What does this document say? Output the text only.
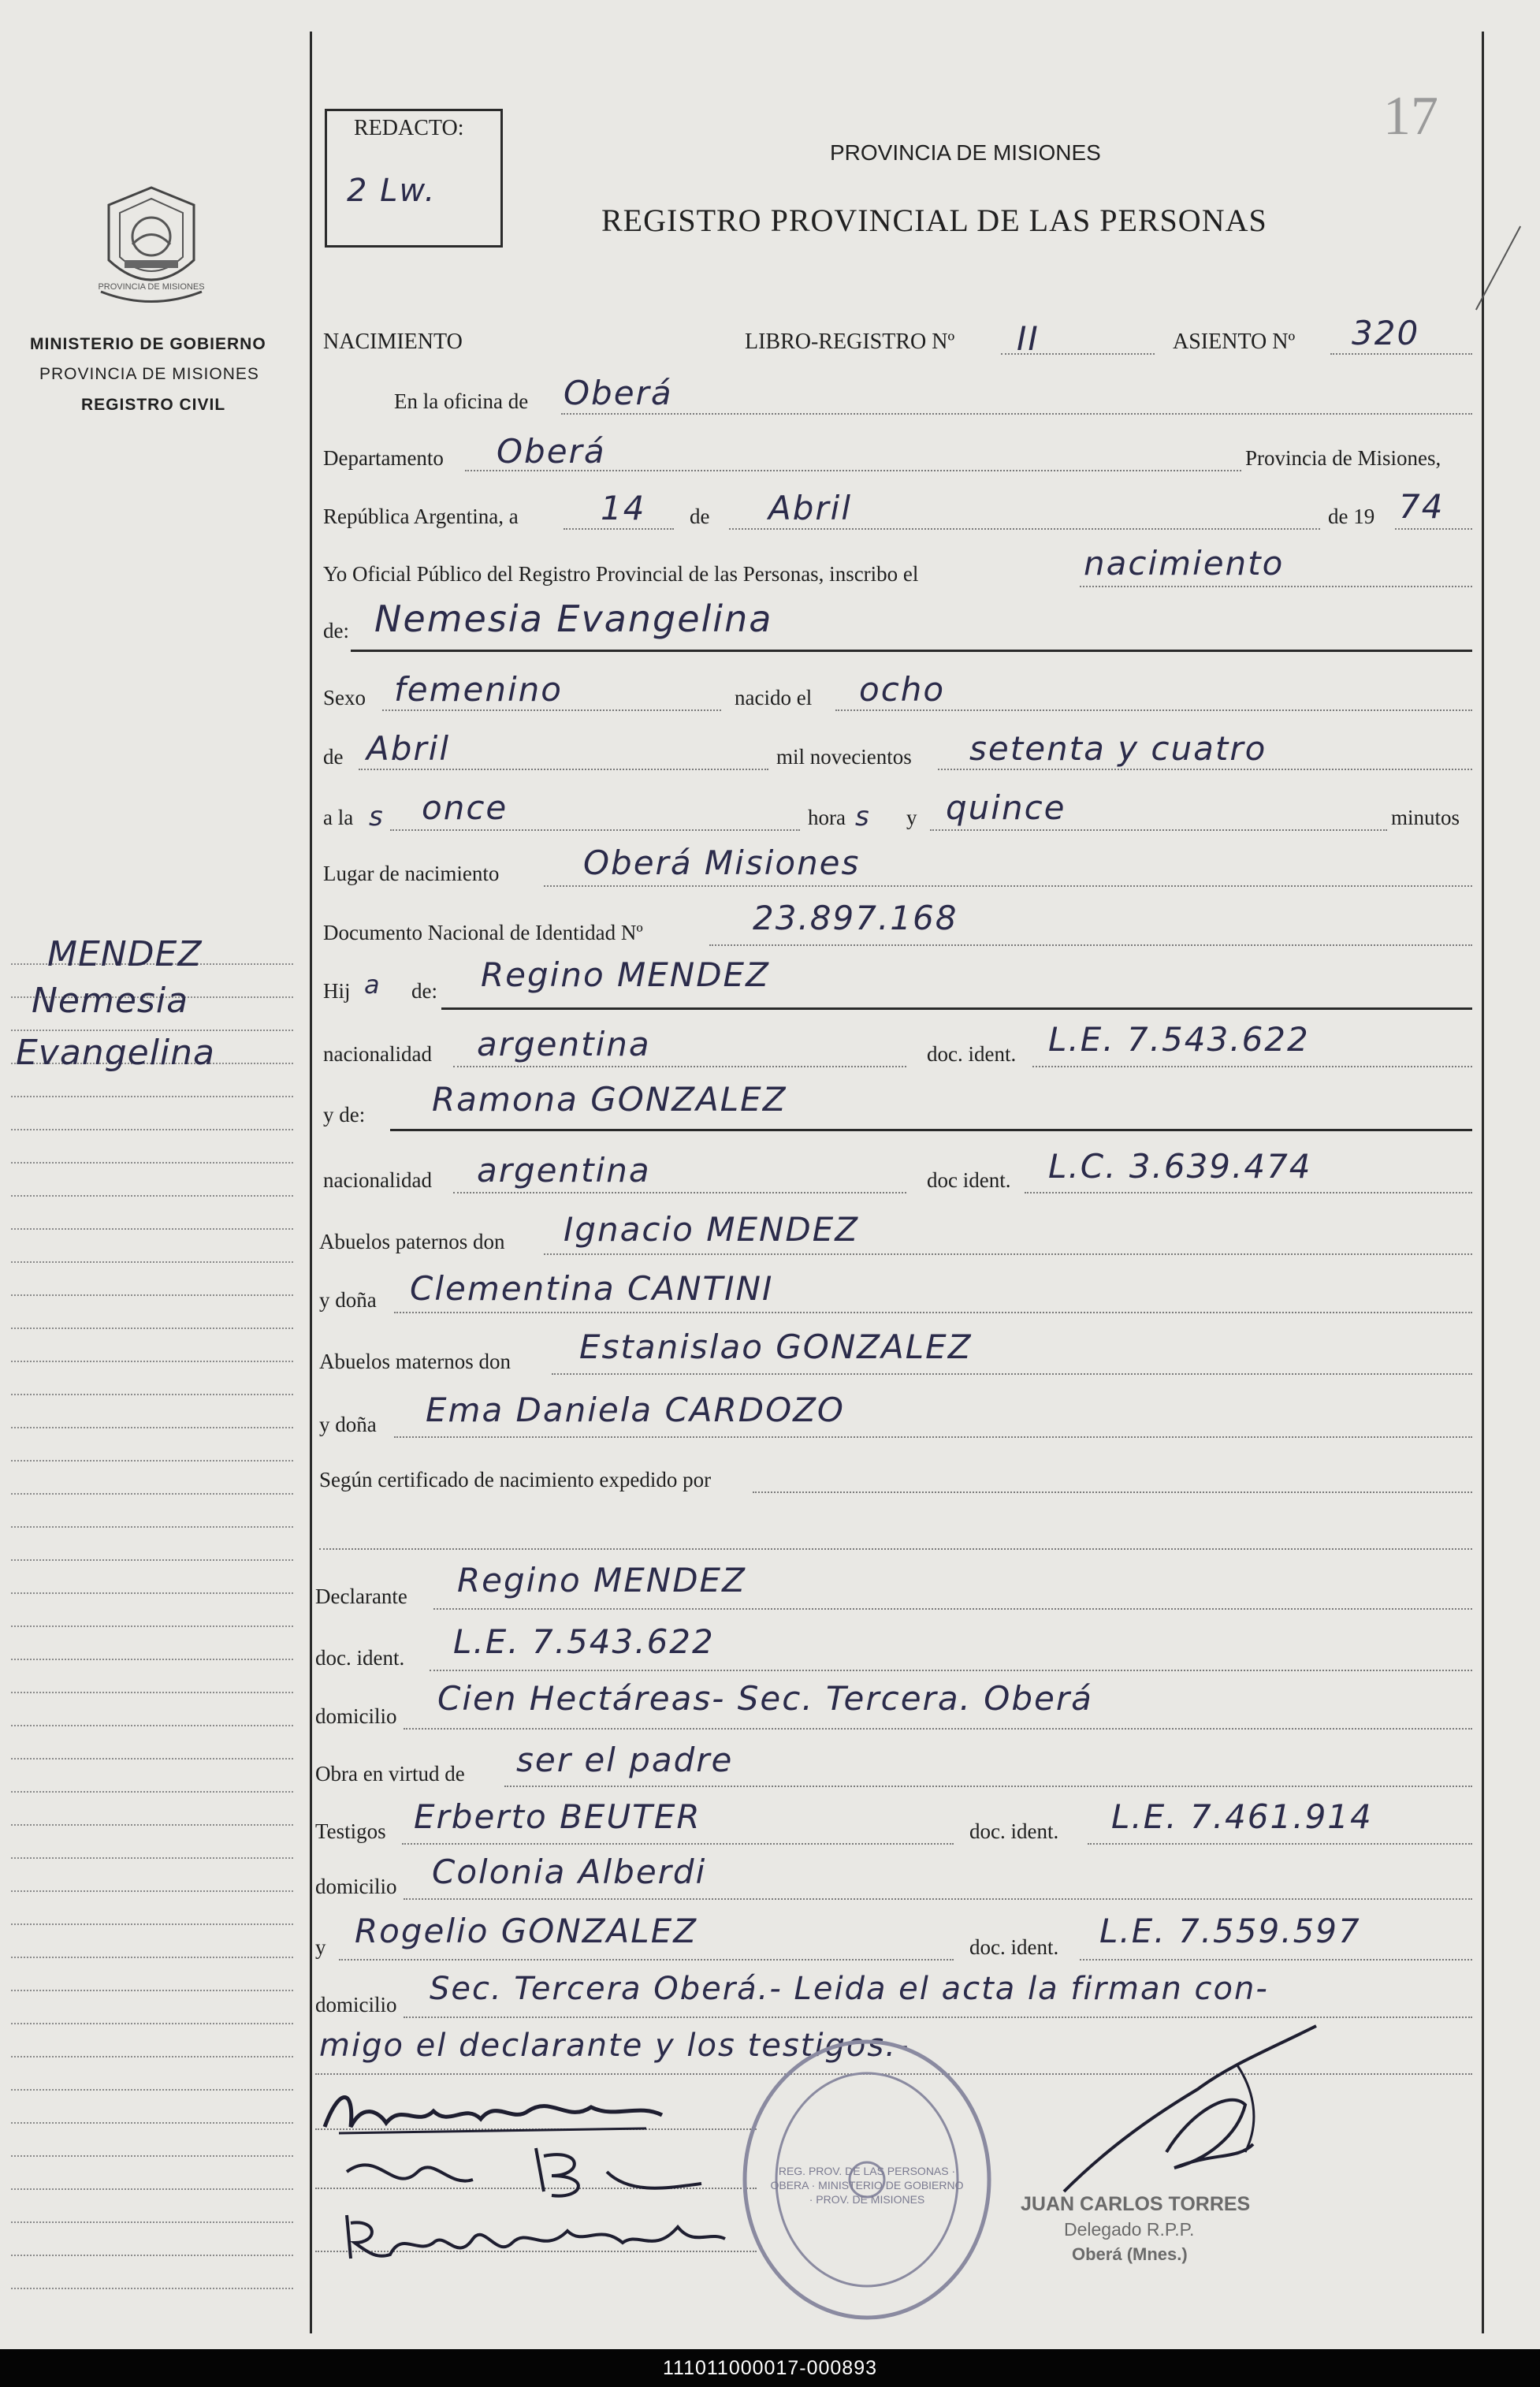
17
PROVINCIA DE MISIONES
MINISTERIO DE GOBIERNO
PROVINCIA DE MISIONES
REGISTRO CIVIL
MENDEZ
Nemesia
Evangelina
REDACTO:
2 Lw.
PROVINCIA DE MISIONES
REGISTRO PROVINCIAL DE LAS PERSONAS
NACIMIENTO	LIBRO-REGISTRO Nº II	ASIENTO Nº 320
En la oficina de Oberá
Departamento Oberá	Provincia de Misiones,
República Argentina, a 14 de Abril	de 19 74
Yo Oficial Público del Registro Provincial de las Personas, inscribo el	nacimiento
de: Nemesia Evangelina
Sexo femenino	nacido el ocho
de Abril	mil novecientos setenta y cuatro
a la s once	hora s y quince	minutos
Lugar de nacimiento	Oberá Misiones
Documento Nacional de Identidad Nº	23.897.168
Hij a de: Regino MENDEZ
nacionalidad argentina	doc. ident. L.E. 7.543.622
y de: Ramona GONZALEZ
nacionalidad argentina	doc ident. L.C. 3.639.474
Abuelos paternos don Ignacio MENDEZ
y doña Clementina CANTINI
Abuelos maternos don Estanislao GONZALEZ
y doña Ema Daniela CARDOZO
Según certificado de nacimiento expedido por
Declarante Regino MENDEZ
doc. ident. L.E. 7.543.622
domicilio Cien Hectáreas- Sec. Tercera. Oberá
Obra en virtud de ser el padre
Testigos Erberto BEUTER	doc. ident. L.E. 7.461.914
domicilio Colonia Alberdi
y Rogelio GONZALEZ	doc. ident. L.E. 7.559.597
domicilio Sec. Tercera Oberá.- Leida el acta la firman con-
migo el declarante y los testigos.-
REG. PROV. DE LAS PERSONAS · OBERA · MINISTERIO DE GOBIERNO · PROV. DE MISIONES	JUAN CARLOS TORRES
Delegado R.P.P.
Oberá (Mnes.)
111011000017-000893
